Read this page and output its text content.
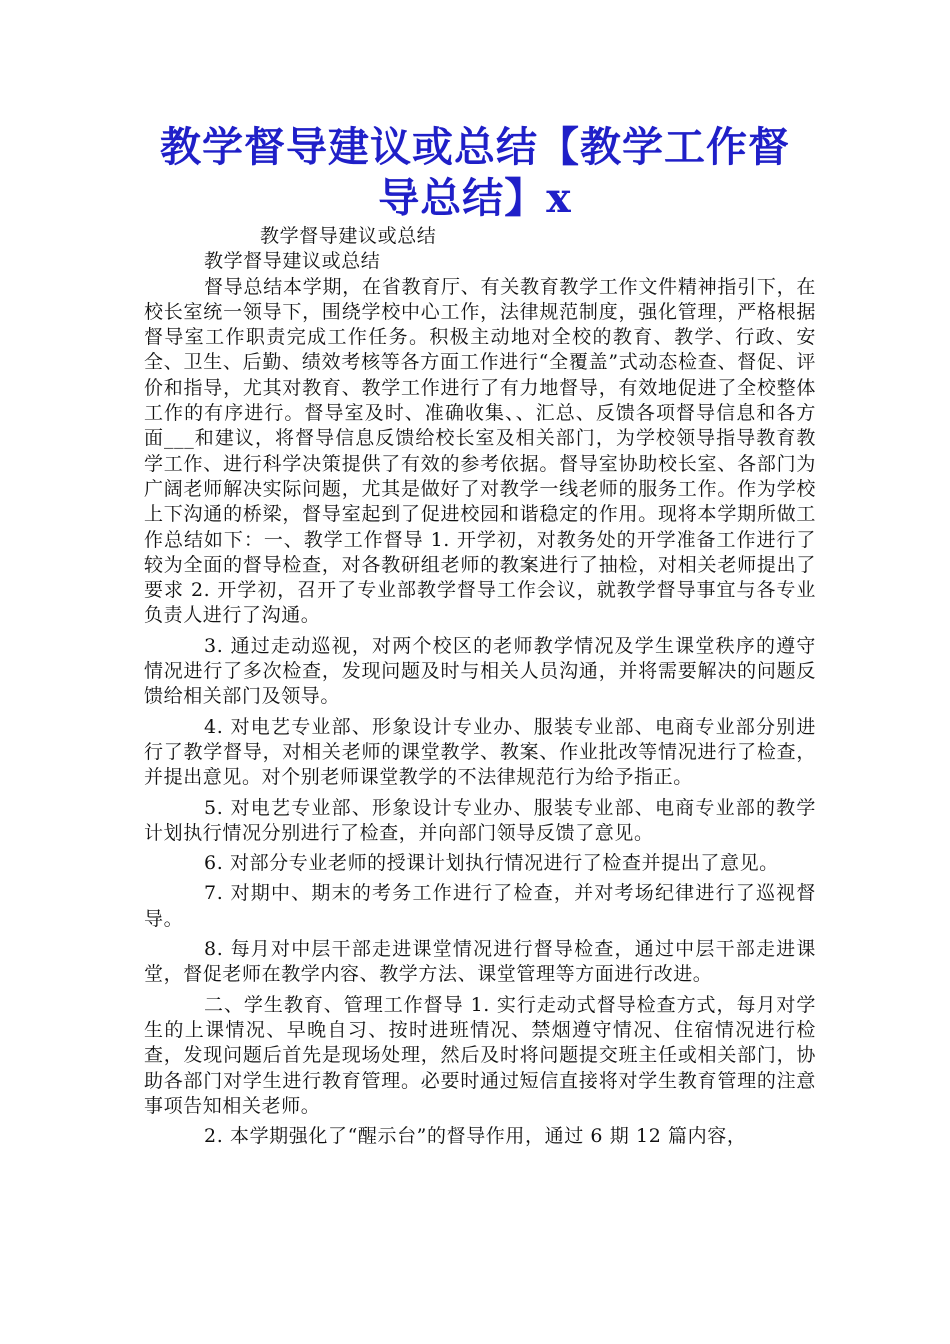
教学督导建议或总结【教学工作督导总结】x

教学督导建议或总结

教学督导建议或总结

督导总结本学期，在省教育厅、有关教育教学工作文件精神指引下，在校长室统一领导下，围绕学校中心工作，法律规范制度，强化管理，严格根据督导室工作职责完成工作任务。积极主动地对全校的教育、教学、行政、安全、卫生、后勤、绩效考核等各方面工作进行“全覆盖”式动态检查、督促、评价和指导，尤其对教育、教学工作进行了有力地督导，有效地促进了全校整体工作的有序进行。督导室及时、准确收集、、汇总、反馈各项督导信息和各方面___和建议，将督导信息反馈给校长室及相关部门，为学校领导指导教育教学工作、进行科学决策提供了有效的参考依据。督导室协助校长室、各部门为广阔老师解决实际问题，尤其是做好了对教学一线老师的服务工作。作为学校上下沟通的桥梁，督导室起到了促进校园和谐稳定的作用。现将本学期所做工作总结如下：一、教学工作督导 1. 开学初，对教务处的开学准备工作进行了较为全面的督导检查，对各教研组老师的教案进行了抽检，对相关老师提出了要求 2. 开学初，召开了专业部教学督导工作会议，就教学督导事宜与各专业负责人进行了沟通。

3. 通过走动巡视，对两个校区的老师教学情况及学生课堂秩序的遵守情况进行了多次检查，发现问题及时与相关人员沟通，并将需要解决的问题反馈给相关部门及领导。

4. 对电艺专业部、形象设计专业办、服装专业部、电商专业部分别进行了教学督导，对相关老师的课堂教学、教案、作业批改等情况进行了检查，并提出意见。对个别老师课堂教学的不法律规范行为给予指正。

5. 对电艺专业部、形象设计专业办、服装专业部、电商专业部的教学计划执行情况分别进行了检查，并向部门领导反馈了意见。

6. 对部分专业老师的授课计划执行情况进行了检查并提出了意见。

7. 对期中、期末的考务工作进行了检查，并对考场纪律进行了巡视督导。

8. 每月对中层干部走进课堂情况进行督导检查，通过中层干部走进课堂，督促老师在教学内容、教学方法、课堂管理等方面进行改进。

二、学生教育、管理工作督导 1. 实行走动式督导检查方式，每月对学生的上课情况、早晚自习、按时进班情况、禁烟遵守情况、住宿情况进行检查，发现问题后首先是现场处理，然后及时将问题提交班主任或相关部门，协助各部门对学生进行教育管理。必要时通过短信直接将对学生教育管理的注意事项告知相关老师。

2. 本学期强化了“醒示台”的督导作用，通过 6 期 12 篇内容，
